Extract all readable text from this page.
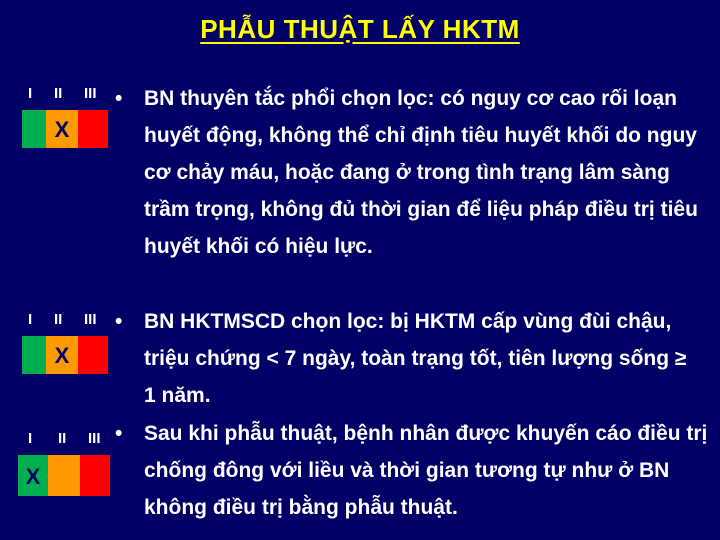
PHẪU THUẬT LẤY HKTM
I II III
X
I II III
X
I II III
X
• BN thuyên tắc phổi chọn lọc: có nguy cơ cao rối loạn huyết động, không thể chỉ định tiêu huyết khối do nguy cơ chảy máu, hoặc đang ở trong tình trạng lâm sàng trầm trọng, không đủ thời gian để liệu pháp điều trị tiêu huyết khối có hiệu lực.
• BN HKTMSCD chọn lọc: bị HKTM cấp vùng đùi chậu, triệu chứng < 7 ngày, toàn trạng tốt, tiên lượng sống ≥ 1 năm.
• Sau khi phẫu thuật, bệnh nhân được khuyến cáo điều trị chống đông với liều và thời gian tương tự như ở BN không điều trị bằng phẫu thuật.
